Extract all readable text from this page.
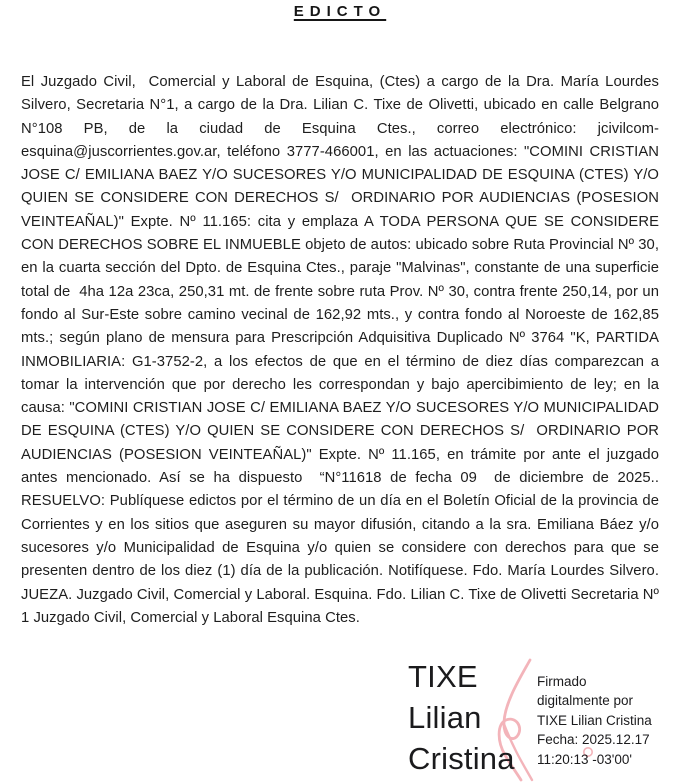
EDICTO
El Juzgado Civil,  Comercial y Laboral de Esquina, (Ctes) a cargo de la Dra. María Lourdes Silvero, Secretaria N°1, a cargo de la Dra. Lilian C. Tixe de Olivetti, ubicado en calle Belgrano N°108 PB, de la ciudad de Esquina Ctes., correo electrónico: jcivilcom-esquina@juscorrientes.gov.ar, teléfono 3777-466001, en las actuaciones: "COMINI CRISTIAN JOSE C/ EMILIANA BAEZ Y/O SUCESORES Y/O MUNICIPALIDAD DE ESQUINA (CTES) Y/O QUIEN SE CONSIDERE CON DERECHOS S/  ORDINARIO POR AUDIENCIAS (POSESION VEINTEAÑAL)" Expte. Nº 11.165: cita y emplaza A TODA PERSONA QUE SE CONSIDERE CON DERECHOS SOBRE EL INMUEBLE objeto de autos: ubicado sobre Ruta Provincial Nº 30, en la cuarta sección del Dpto. de Esquina Ctes., paraje "Malvinas", constante de una superficie total de  4ha 12a 23ca, 250,31 mt. de frente sobre ruta Prov. Nº 30, contra frente 250,14, por un fondo al Sur-Este sobre camino vecinal de 162,92 mts., y contra fondo al Noroeste de 162,85 mts.; según plano de mensura para Prescripción Adquisitiva Duplicado Nº 3764 "K, PARTIDA INMOBILIARIA: G1-3752-2, a los efectos de que en el término de diez días comparezcan a tomar la intervención que por derecho les correspondan y bajo apercibimiento de ley; en la causa: "COMINI CRISTIAN JOSE C/ EMILIANA BAEZ Y/O SUCESORES Y/O MUNICIPALIDAD DE ESQUINA (CTES) Y/O QUIEN SE CONSIDERE CON DERECHOS S/  ORDINARIO POR AUDIENCIAS (POSESION VEINTEAÑAL)" Expte. Nº 11.165, en trámite por ante el juzgado antes mencionado. Así se ha dispuesto  “N°11618 de fecha 09  de diciembre de 2025.. RESUELVO: Publíquese edictos por el término de un día en el Boletín Oficial de la provincia de Corrientes y en los sitios que aseguren su mayor difusión, citando a la sra. Emiliana Báez y/o sucesores y/o Municipalidad de Esquina y/o quien se considere con derechos para que se presenten dentro de los diez (1) día de la publicación. Notifíquese. Fdo. María Lourdes Silvero. JUEZA. Juzgado Civil, Comercial y Laboral. Esquina. Fdo. Lilian C. Tixe de Olivetti Secretaria Nº 1 Juzgado Civil, Comercial y Laboral Esquina Ctes.
TIXE
Lilian
Cristina
Firmado
digitalmente por
TIXE Lilian Cristina
Fecha: 2025.12.17
11:20:13 -03'00'
